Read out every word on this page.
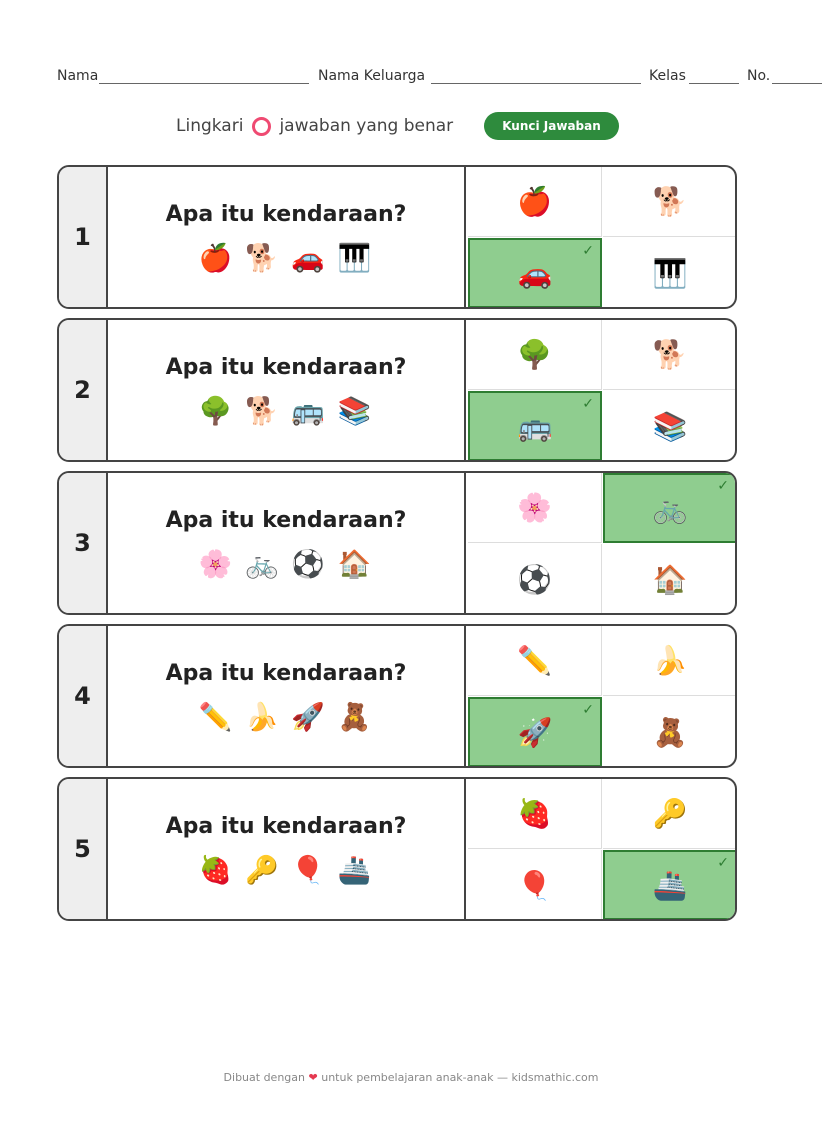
Nama	Nama Keluarga	Kelas	No.
Lingkari jawaban yang benar	Kunci Jawaban
1
Apa itu kendaraan?
🍎 🐕 🚗 🎹
🍎	🐕
🚗
✓
🎹
2
Apa itu kendaraan?
🌳 🐕 🚌 📚
🌳	🐕
🚌
✓
📚
3
Apa itu kendaraan?
🌸 🚲 ⚽ 🏠
🌸	🚲
✓
⚽	🏠
4
Apa itu kendaraan?
✏️ 🍌 🚀 🧸
✏️	🍌
🚀
✓
🧸
5
Apa itu kendaraan?
🍓 🔑 🎈 🚢
🍓	🔑
🎈	🚢
✓
Dibuat dengan ❤ untuk pembelajaran anak-anak — kidsmathic.com
